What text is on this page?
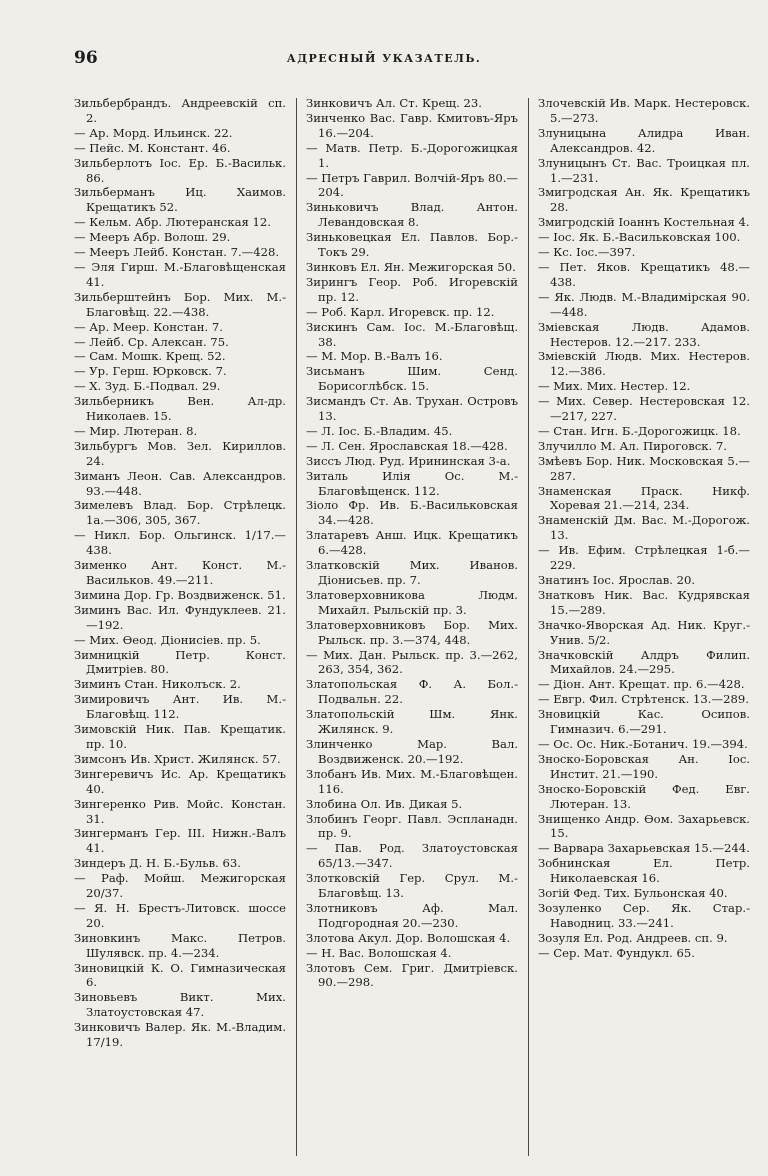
96	АДРЕСНЫЙ УКАЗАТЕЛЬ.
Зильбербрандъ. Андреевскій сп. 2.
— Ар. Морд. Ильинск. 22.
— Пейс. М. Констант. 46.
Зильберлотъ Іос. Ер. Б.-Васильк. 86.
Зильберманъ Иц. Хаимов. Крещатикъ 52.
— Кельм. Абр. Лютеранская 12.
— Мееръ Абр. Волош. 29.
— Мееръ Лейб. Констан. 7.—428.
— Эля Гирш. М.-Благовѣщенская 41.
Зильберштейнъ Бор. Мих. М.-Благовѣщ. 22.—438.
— Ар. Меер. Констан. 7.
— Лейб. Ср. Алексан. 75.
— Сам. Мошк. Крещ. 52.
— Ур. Герш. Юрковск. 7.
— Х. Зуд. Б.-Подвал. 29.
Зильберникъ Вен. Ал-др. Николаев. 15.
— Мир. Лютеран. 8.
Зильбургъ Мов. Зел. Кириллов. 24.
Зиманъ Леон. Сав. Александров. 93.—448.
Зимелевъ Влад. Бор. Стрѣлецк. 1а.—306, 305, 367.
— Никл. Бор. Ольгинск. 1/17.—438.
Зименко Ант. Конст. М.-Васильков. 49.—211.
Зимина Дор. Гр. Воздвиженск. 51.
Зиминъ Вас. Ил. Фундуклеев. 21.—192.
— Мих. Ѳеод. Діонисіев. пр. 5.
Зимницкій Петр. Конст. Дмитріев. 80.
Зиминъ Стан. Николъск. 2.
Зимировичъ Ант. Ив. М.-Благовѣщ. 112.
Зимовскій Ник. Пав. Крещатик. пр. 10.
Зимсонъ Ив. Христ. Жилянск. 57.
Зингеревичъ Ис. Ар. Крещатикъ 40.
Зингеренко Рив. Мойс. Констан. 31.
Зингерманъ Гер. III. Нижн.-Валъ 41.
Зиндеръ Д. Н. Б.-Бульв. 63.
— Раф. Мойш. Межигорская 20/37.
— Я. Н. Брестъ-Литовск. шоссе 20.
Зиновкинъ Макс. Петров. Шулявск. пр. 4.—234.
Зиновицкій К. О. Гимназическая 6.
Зиновьевъ Викт. Мих. Златоустовская 47.
Зинковичъ Валер. Як. М.-Владим. 17/19.
Зинковичъ Ал. Ст. Крещ. 23.
Зинченко Вас. Гавр. Кмитовъ-Яръ 16.—204.
— Матв. Петр. Б.-Дорогожицкая 1.
— Петръ Гаврил. Волчій-Яръ 80.—204.
Зиньковичъ Влад. Антон. Левандовская 8.
Зиньковецкая Ел. Павлов. Бор.-Токъ 29.
Зинковъ Ел. Ян. Межигорская 50.
Зирингъ Геор. Роб. Игоревскій пр. 12.
— Роб. Карл. Игоревск. пр. 12.
Зискинъ Сам. Іос. М.-Благовѣщ. 38.
— М. Мор. В.-Валъ 16.
Зисьманъ Шим. Сенд. Борисоглѣбск. 15.
Зисмандъ Ст. Ав. Трухан. Островъ 13.
— Л. Іос. Б.-Владим. 45.
— Л. Сен. Ярославская 18.—428.
Зиссъ Люд. Руд. Ирининская 3-а.
Зиталь Илія Ос. М.-Благовѣщенск. 112.
Зіоло Фр. Ив. Б.-Васильковская 34.—428.
Златаревъ Анш. Ицк. Крещатикъ 6.—428.
Златковскій Мих. Иванов. Діонисьев. пр. 7.
Златоверховникова Людм. Михайл. Рыльскій пр. 3.
Златоверховниковъ Бор. Мих. Рыльск. пр. 3.—374, 448.
— Мих. Дан. Рыльск. пр. 3.—262, 263, 354, 362.
Златопольская Ф. А. Бол.-Подвальн. 22.
Златопольскій Шм. Янк. Жилянск. 9.
Злинченко Мар. Вал. Воздвиженск. 20.—192.
Злобанъ Ив. Мих. М.-Благовѣщен. 116.
Злобина Ол. Ив. Дикая 5.
Злобинъ Георг. Павл. Эспланадн. пр. 9.
— Пав. Род. Златоустовская 65/13.—347.
Злотковскій Гер. Срул. М.-Благовѣщ. 13.
Злотниковъ Аф. Мал. Подгородная 20.—230.
Злотова Акул. Дор. Волошская 4.
— Н. Вас. Волошская 4.
Злотовъ Сем. Григ. Дмитріевск. 90.—298.
Злочевскій Ив. Марк. Нестеровск. 5.—273.
Злуницына Алидра Иван. Александров. 42.
Злуницынъ Ст. Вас. Троицкая пл. 1.—231.
Змигродская Ан. Як. Крещатикъ 28.
Змигродскій Іоаннъ Костельная 4.
— Іос. Як. Б.-Васильковская 100.
— Кс. Іос.—397.
— Пет. Яков. Крещатикъ 48.—438.
— Як. Людв. М.-Владимірская 90.—448.
Зміевская Людв. Адамов. Нестеров. 12.—217. 233.
Зміевскій Людв. Мих. Нестеров. 12.—386.
— Мих. Мих. Нестер. 12.
— Мих. Север. Нестеровская 12.—217, 227.
— Стан. Игн. Б.-Дорогожицк. 18.
Злучилло М. Ал. Пироговск. 7.
Змѣевъ Бор. Ник. Московская 5.—287.
Знаменская Праск. Никф. Хоревая 21.—214, 234.
Знаменскій Дм. Вас. М.-Дорогож. 13.
— Ив. Ефим. Стрѣлецкая 1-б.—229.
Знатинъ Іос. Ярослав. 20.
Знатковъ Ник. Вас. Кудрявская 15.—289.
Значко-Яворская Ад. Ник. Круг.-Унив. 5/2.
Значковскій Алдръ Филип. Михайлов. 24.—295.
— Діон. Ант. Крещат. пр. 6.—428.
— Евгр. Фил. Стрѣтенск. 13.—289.
Зновицкій Кас. Осипов. Гимназич. 6.—291.
— Ос. Ос. Ник.-Ботанич. 19.—394.
Зноско-Боровская Ан. Іос. Инстит. 21.—190.
Зноско-Боровскій Фед. Евг. Лютеран. 13.
Знищенко Андр. Ѳом. Захарьевск. 15.
— Варвара Захарьевская 15.—244.
Зобнинская Ел. Петр. Николаевская 16.
Зогій Фед. Тих. Бульонская 40.
Зозуленко Сер. Як. Стар.-Наводниц. 33.—241.
Зозуля Ел. Род. Андреев. сп. 9.
— Сер. Мат. Фундукл. 65.
